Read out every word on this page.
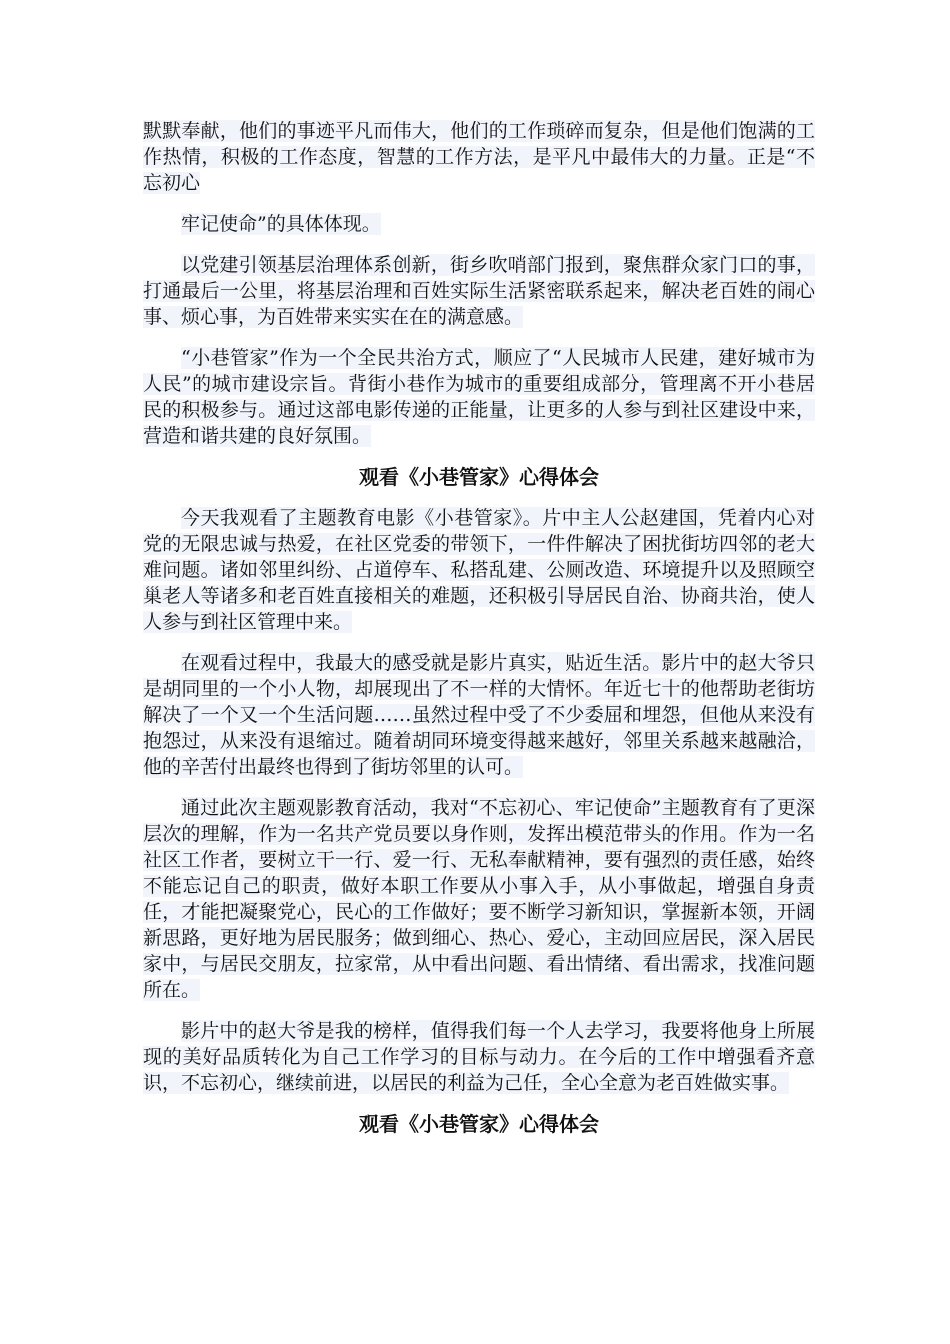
默默奉献，他们的事迹平凡而伟大，他们的工作琐碎而复杂，但是他们饱满的工作热情，积极的工作态度，智慧的工作方法，是平凡中最伟大的力量。正是“不忘初心

牢记使命”的具体体现。

以党建引领基层治理体系创新，街乡吹哨部门报到，聚焦群众家门口的事，打通最后一公里，将基层治理和百姓实际生活紧密联系起来，解决老百姓的闹心事、烦心事，为百姓带来实实在在的满意感。

“小巷管家”作为一个全民共治方式，顺应了“人民城市人民建，建好城市为人民”的城市建设宗旨。背街小巷作为城市的重要组成部分，管理离不开小巷居民的积极参与。通过这部电影传递的正能量，让更多的人参与到社区建设中来，营造和谐共建的良好氛围。

观看《小巷管家》心得体会

今天我观看了主题教育电影《小巷管家》。片中主人公赵建国，凭着内心对党的无限忠诚与热爱，在社区党委的带领下，一件件解决了困扰街坊四邻的老大难问题。诸如邻里纠纷、占道停车、私搭乱建、公厕改造、环境提升以及照顾空巢老人等诸多和老百姓直接相关的难题，还积极引导居民自治、协商共治，使人人参与到社区管理中来。

在观看过程中，我最大的感受就是影片真实，贴近生活。影片中的赵大爷只是胡同里的一个小人物，却展现出了不一样的大情怀。年近七十的他帮助老街坊解决了一个又一个生活问题……虽然过程中受了不少委屈和埋怨，但他从来没有抱怨过，从来没有退缩过。随着胡同环境变得越来越好，邻里关系越来越融洽，他的辛苦付出最终也得到了街坊邻里的认可。

通过此次主题观影教育活动，我对“不忘初心、牢记使命”主题教育有了更深层次的理解，作为一名共产党员要以身作则，发挥出模范带头的作用。作为一名社区工作者，要树立干一行、爱一行、无私奉献精神，要有强烈的责任感，始终不能忘记自己的职责，做好本职工作要从小事入手，从小事做起，增强自身责任，才能把凝聚党心，民心的工作做好；要不断学习新知识，掌握新本领，开阔新思路，更好地为居民服务；做到细心、热心、爱心，主动回应居民，深入居民家中，与居民交朋友，拉家常，从中看出问题、看出情绪、看出需求，找准问题所在。

影片中的赵大爷是我的榜样，值得我们每一个人去学习，我要将他身上所展现的美好品质转化为自己工作学习的目标与动力。在今后的工作中增强看齐意识，不忘初心，继续前进，以居民的利益为己任，全心全意为老百姓做实事。

观看《小巷管家》心得体会
